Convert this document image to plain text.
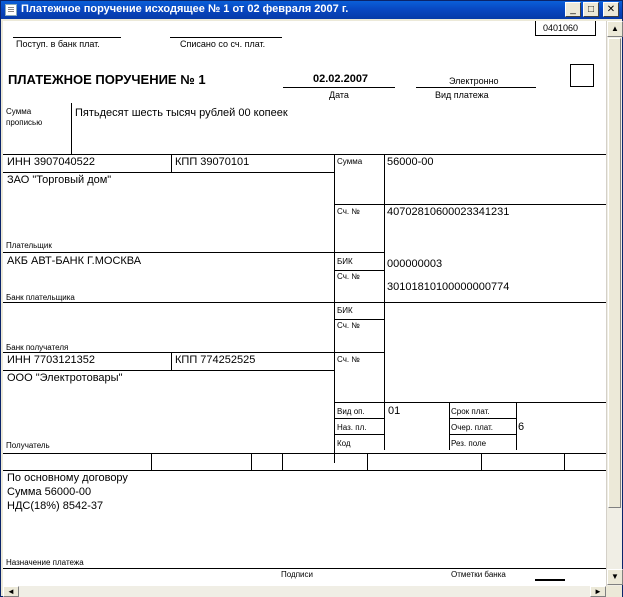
Платежное поручение исходящее № 1 от 02 февраля 2007 г.	_	□	✕
0401060
Поступ. в банк плат.	Списано со сч. плат.
ПЛАТЕЖНОЕ ПОРУЧЕНИЕ № 1	02.02.2007
Дата
Электронно
Вид платежа
Сумма
прописью
Пятьдесят шесть тысяч рублей 00 копеек
ИНН 3907040522	КПП 39070101
ЗАО "Торговый дом"
Плательщик
Сумма 56000-00
Сч. № 40702810600023341231
АКБ АВТ-БАНК Г.МОСКВА
Банк плательщика
БИК	000000003
Сч. №
30101810100000000774
Банк получателя
БИК
Сч. №
ИНН 7703121352	КПП 774252525
ООО "Электротовары"
Получатель
Сч. №
Вид оп. 01
Наз. пл.
Код
Срок плат.
Очер. плат. 6
Рез. поле
По основному договору
Сумма 56000-00
НДС(18%) 8542-37
Назначение платежа
Подписи	Отметки банка
▲
▼
◄	►
